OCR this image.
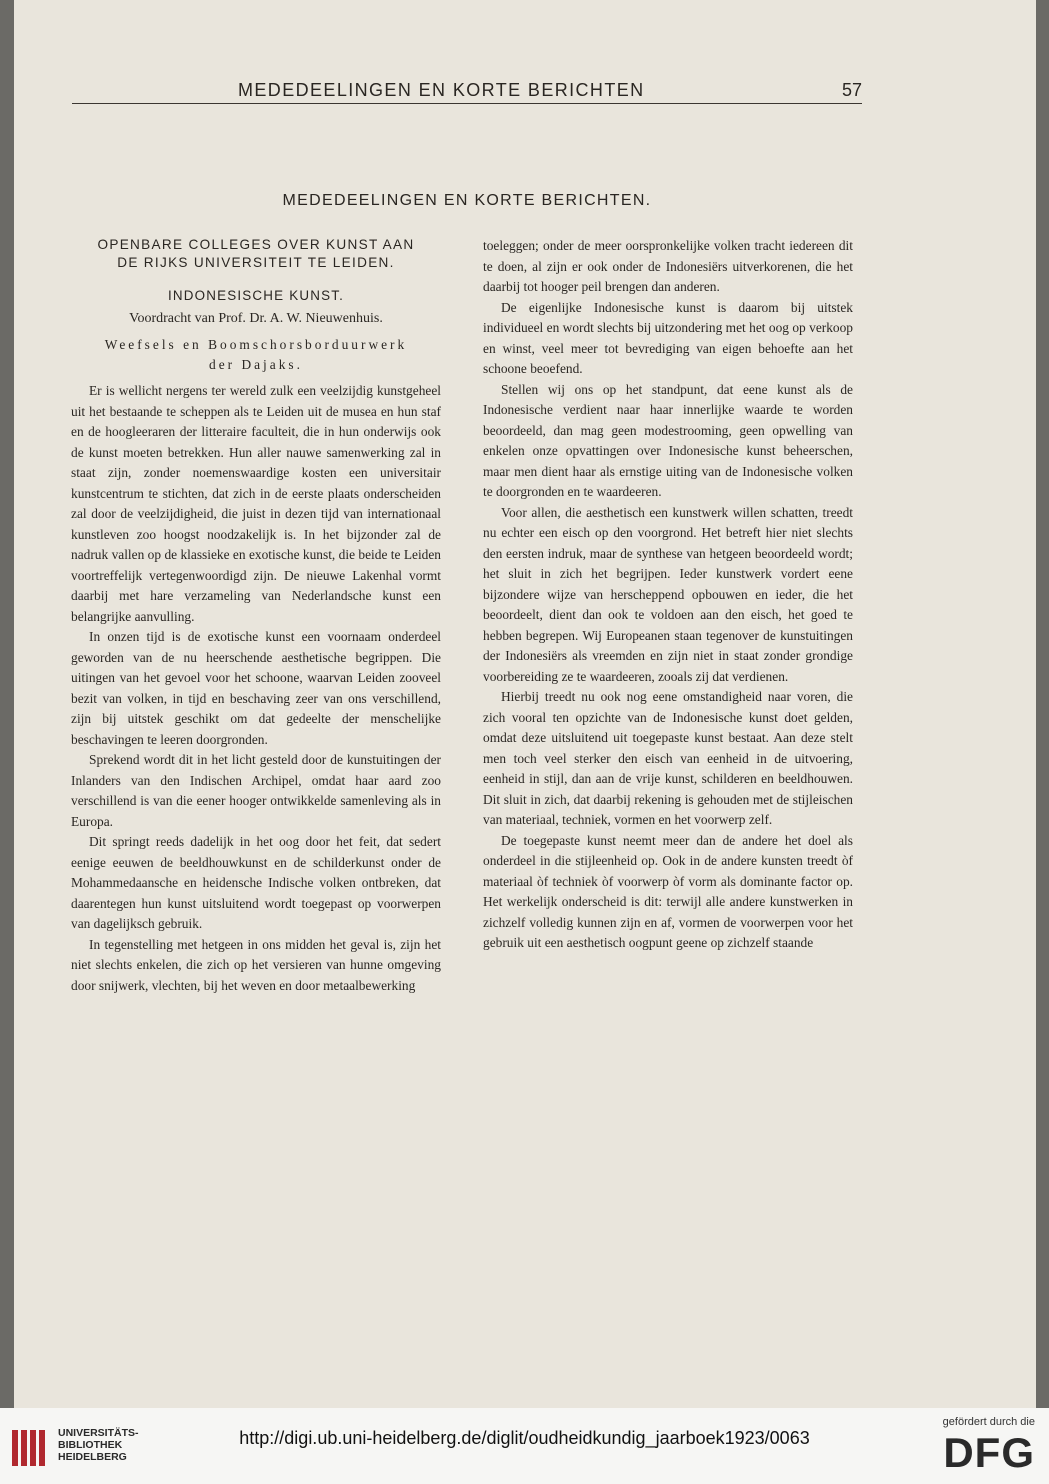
MEDEDEELINGEN EN KORTE BERICHTEN	57
MEDEDEELINGEN EN KORTE BERICHTEN.
OPENBARE COLLEGES OVER KUNST AAN
DE RIJKS UNIVERSITEIT TE LEIDEN.
INDONESISCHE KUNST.
Voordracht van Prof. Dr. A. W. Nieuwenhuis.
Weefsels en Boomschorsborduurwerk
der Dajaks.

Er is wellicht nergens ter wereld zulk een veelzijdig kunstgeheel uit het bestaande te scheppen als te Leiden uit de musea en hun staf en de hoogleeraren der litteraire faculteit, die in hun onderwijs ook de kunst moeten betrekken. Hun aller nauwe samenwerking zal in staat zijn, zonder noemenswaardige kosten een universitair kunstcentrum te stichten, dat zich in de eerste plaats onderscheiden zal door de veelzijdigheid, die juist in dezen tijd van internationaal kunstleven zoo hoogst noodzakelijk is. In het bijzonder zal de nadruk vallen op de klassieke en exotische kunst, die beide te Leiden voortreffelijk vertegenwoordigd zijn. De nieuwe Lakenhal vormt daarbij met hare verzameling van Nederlandsche kunst een belangrijke aanvulling.

In onzen tijd is de exotische kunst een voornaam onderdeel geworden van de nu heerschende aesthetische begrippen. Die uitingen van het gevoel voor het schoone, waarvan Leiden zooveel bezit van volken, in tijd en beschaving zeer van ons verschillend, zijn bij uitstek geschikt om dat gedeelte der menschelijke beschavingen te leeren doorgronden.

Sprekend wordt dit in het licht gesteld door de kunstuitingen der Inlanders van den Indischen Archipel, omdat haar aard zoo verschillend is van die eener hooger ontwikkelde samenleving als in Europa.

Dit springt reeds dadelijk in het oog door het feit, dat sedert eenige eeuwen de beeldhouwkunst en de schilderkunst onder de Mohammedaansche en heidensche Indische volken ontbreken, dat daarentegen hun kunst uitsluitend wordt toegepast op voorwerpen van dagelijksch gebruik.

In tegenstelling met hetgeen in ons midden het geval is, zijn het niet slechts enkelen, die zich op het versieren van hunne omgeving door snijwerk, vlechten, bij het weven en door metaalbewerking

toeleggen; onder de meer oorspronkelijke volken tracht iedereen dit te doen, al zijn er ook onder de Indonesiërs uitverkorenen, die het daarbij tot hooger peil brengen dan anderen.

De eigenlijke Indonesische kunst is daarom bij uitstek individueel en wordt slechts bij uitzondering met het oog op verkoop en winst, veel meer tot bevrediging van eigen behoefte aan het schoone beoefend.

Stellen wij ons op het standpunt, dat eene kunst als de Indonesische verdient naar haar innerlijke waarde te worden beoordeeld, dan mag geen modestrooming, geen opwelling van enkelen onze opvattingen over Indonesische kunst beheerschen, maar men dient haar als ernstige uiting van de Indonesische volken te doorgronden en te waardeeren.

Voor allen, die aesthetisch een kunstwerk willen schatten, treedt nu echter een eisch op den voorgrond. Het betreft hier niet slechts den eersten indruk, maar de synthese van hetgeen beoordeeld wordt; het sluit in zich het begrijpen. Ieder kunstwerk vordert eene bijzondere wijze van herscheppend opbouwen en ieder, die het beoordeelt, dient dan ook te voldoen aan den eisch, het goed te hebben begrepen. Wij Europeanen staan tegenover de kunstuitingen der Indonesiërs als vreemden en zijn niet in staat zonder grondige voorbereiding ze te waardeeren, zooals zij dat verdienen.

Hierbij treedt nu ook nog eene omstandigheid naar voren, die zich vooral ten opzichte van de Indonesische kunst doet gelden, omdat deze uitsluitend uit toegepaste kunst bestaat. Aan deze stelt men toch veel sterker den eisch van eenheid in de uitvoering, eenheid in stijl, dan aan de vrije kunst, schilderen en beeldhouwen. Dit sluit in zich, dat daarbij rekening is gehouden met de stijleischen van materiaal, techniek, vormen en het voorwerp zelf.

De toegepaste kunst neemt meer dan de andere het doel als onderdeel in die stijleenheid op. Ook in de andere kunsten treedt òf materiaal òf techniek òf voorwerp òf vorm als dominante factor op. Het werkelijk onderscheid is dit: terwijl alle andere kunstwerken in zichzelf volledig kunnen zijn en af, vormen de voorwerpen voor het gebruik uit een aesthetisch oogpunt geene op zichzelf staande

UNIVERSITÄTS-
BIBLIOTHEK
HEIDELBERG
http://digi.ub.uni-heidelberg.de/diglit/oudheidkundig_jaarboek1923/0063
gefördert durch die
DFG
